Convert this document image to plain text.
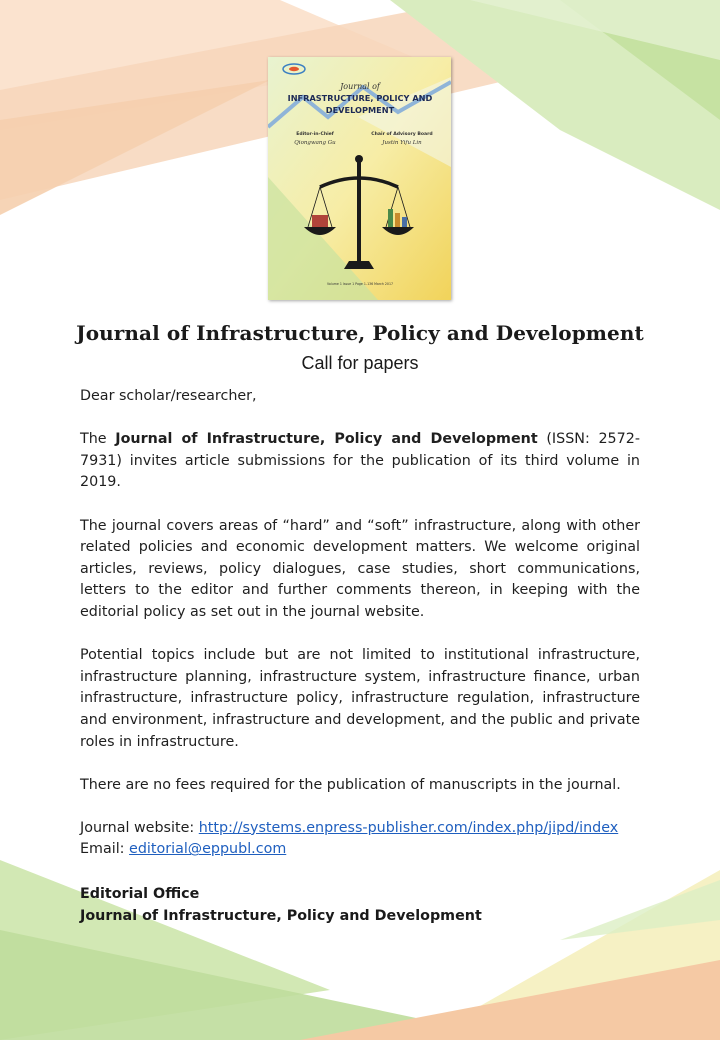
Journal of
INFRASTRUCTURE, POLICY AND
DEVELOPMENT
Editor-in-Chief
Qiongwang Gu
Chair of Advisory Board
Justin Yifu Lin
Volume 1 Issue 1 Page 1-136 March 2017
Journal of Infrastructure, Policy and Development
Call for papers

Dear scholar/researcher,

The Journal of Infrastructure, Policy and Development (ISSN: 2572-7931) invites article submissions for the publication of its third volume in 2019.

The journal covers areas of “hard” and “soft” infrastructure, along with other related policies and economic development matters. We welcome original articles, reviews, policy dialogues, case studies, short communications, letters to the editor and further comments thereon, in keeping with the editorial policy as set out in the journal website.

Potential topics include but are not limited to institutional infrastructure, infrastructure planning, infrastructure system, infrastructure finance, urban infrastructure, infrastructure policy, infrastructure regulation, infrastructure and environment, infrastructure and development, and the public and private roles in infrastructure.

There are no fees required for the publication of manuscripts in the journal.

Journal website: http://systems.enpress-publisher.com/index.php/jipd/index
Email: editorial@eppubl.com
Editorial Office
Journal of Infrastructure, Policy and Development
